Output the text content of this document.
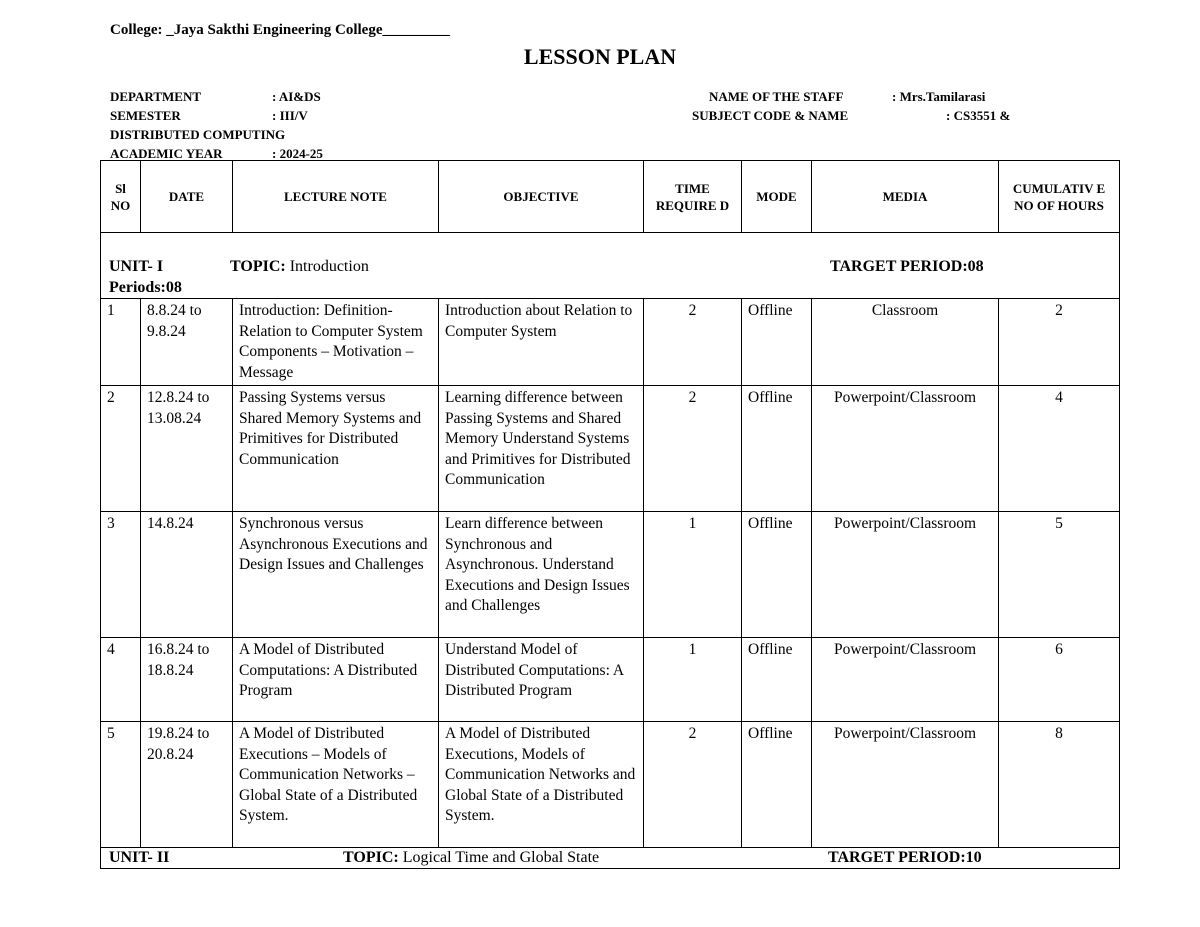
College: _Jaya Sakthi Engineering College_________
LESSON PLAN
DEPARTMENT	: AI&DS
SEMESTER	: III/V
DISTRIBUTED COMPUTING
ACADEMIC YEAR	: 2024-25
NAME OF THE STAFF	: Mrs.Tamilarasi
SUBJECT CODE & NAME	: CS3551 &
Sl NO	DATE	LECTURE NOTE	OBJECTIVE	TIME REQUIRE D	MODE	MEDIA	CUMULATIV E NO OF HOURS
UNIT- I TOPIC: Introduction TARGET PERIOD:08

Periods:08							
1	8.8.24 to 9.8.24	Introduction: Definition- Relation to Computer System Components – Motivation – Message	Introduction about Relation to Computer System	2	Offline	Classroom	2
2	12.8.24 to 13.08.24	Passing Systems versus Shared Memory Systems and Primitives for Distributed Communication	Learning difference between Passing Systems and Shared Memory Understand Systems and Primitives for Distributed Communication	2	Offline	Powerpoint/Classroom	4
3	14.8.24	Synchronous versus Asynchronous Executions and Design Issues and Challenges	Learn difference between Synchronous and Asynchronous. Understand Executions and Design Issues and Challenges	1	Offline	Powerpoint/Classroom	5
4	16.8.24 to 18.8.24	A Model of Distributed Computations: A Distributed Program	Understand Model of Distributed Computations: A Distributed Program	1	Offline	Powerpoint/Classroom	6
5	19.8.24 to 20.8.24	A Model of Distributed Executions – Models of Communication Networks – Global State of a Distributed System.	A Model of Distributed Executions, Models of Communication Networks and Global State of a Distributed System.	2	Offline	Powerpoint/Classroom	8
UNIT- II TOPIC: Logical Time and Global State TARGET PERIOD:10							
